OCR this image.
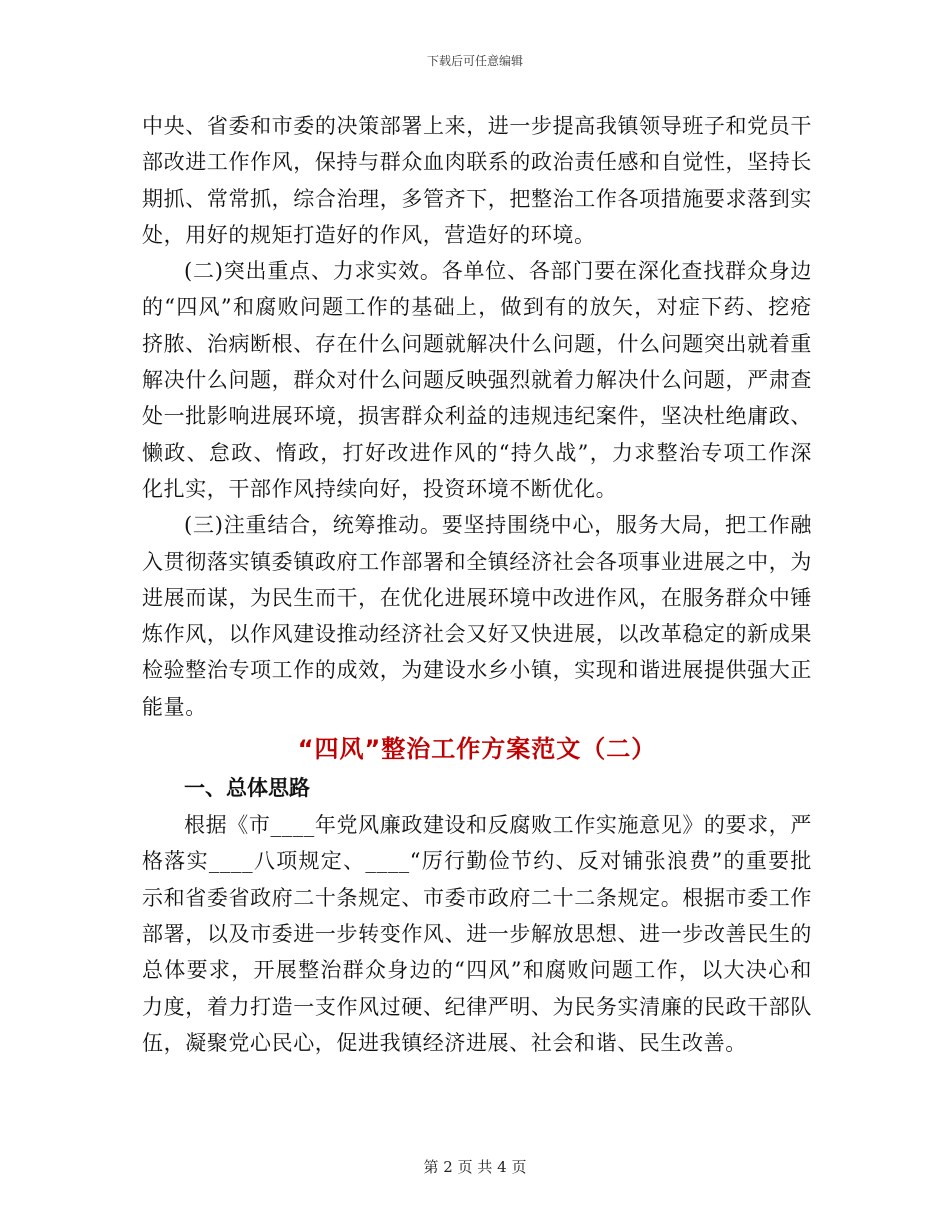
下载后可任意编辑

中央、省委和市委的决策部署上来，进一步提高我镇领导班子和党员干部改进工作作风，保持与群众血肉联系的政治责任感和自觉性，坚持长期抓、常常抓，综合治理，多管齐下，把整治工作各项措施要求落到实处，用好的规矩打造好的作风，营造好的环境。

(二)突出重点、力求实效。各单位、各部门要在深化查找群众身边的“四风”和腐败问题工作的基础上，做到有的放矢，对症下药、挖疮挤脓、治病断根、存在什么问题就解决什么问题，什么问题突出就着重解决什么问题，群众对什么问题反映强烈就着力解决什么问题，严肃查处一批影响进展环境，损害群众利益的违规违纪案件，坚决杜绝庸政、懒政、怠政、惰政，打好改进作风的“持久战”，力求整治专项工作深化扎实，干部作风持续向好，投资环境不断优化。

(三)注重结合，统筹推动。要坚持围绕中心，服务大局，把工作融入贯彻落实镇委镇政府工作部署和全镇经济社会各项事业进展之中，为进展而谋，为民生而干，在优化进展环境中改进作风，在服务群众中锤炼作风，以作风建设推动经济社会又好又快进展，以改革稳定的新成果检验整治专项工作的成效，为建设水乡小镇，实现和谐进展提供强大正能量。

“四风”整治工作方案范文（二）
一、总体思路

根据《市____年党风廉政建设和反腐败工作实施意见》的要求，严格落实____八项规定、____“厉行勤俭节约、反对铺张浪费”的重要批示和省委省政府二十条规定、市委市政府二十二条规定。根据市委工作部署，以及市委进一步转变作风、进一步解放思想、进一步改善民生的总体要求，开展整治群众身边的“四风”和腐败问题工作，以大决心和力度，着力打造一支作风过硬、纪律严明、为民务实清廉的民政干部队伍，凝聚党心民心，促进我镇经济进展、社会和谐、民生改善。

第 2 页 共 4 页
